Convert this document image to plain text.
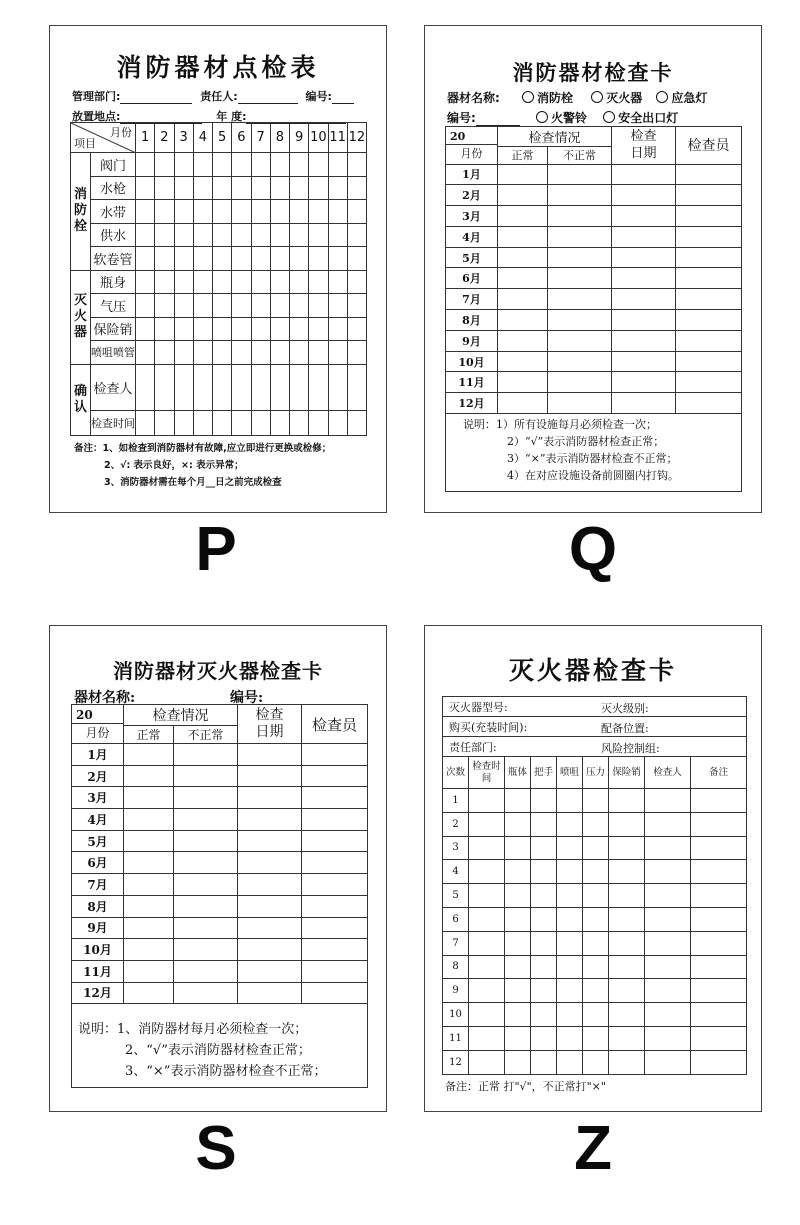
消防器材点检表
管理部门:	责任人:	编号:
放置地点:	年 度:
月份
项目		1	2	3	4	5	6	7	8	9	10	11	12
消防栓	阀门												
	水枪												
	水带												
	供水												
	软卷管												
灭火器	瓶身												
	气压												
	保险销												
	喷咀喷管												
确认	检查人												
	检查时间												
备注：1、如检查到消防器材有故障,应立即进行更换或检修；
2、√: 表示良好，×: 表示异常；
3、消防器材需在每个月__日之前完成检查
消防器材检查卡
器材名称:	消防栓	灭火器 应急灯
编号:	火警铃	安全出口灯
20
月份	检查情况		检查日期	检查员
	正常	不正常		
1月				
2月				
3月				
4月				
5月				
6月				
7月				
8月				
9月				
10月				
11月				
12月				

说明：1）所有设施每月必须检查一次；
2）“√”表示消防器材检查正常；
3）“×”表示消防器材检查不正常；
4）在对应设施设备前圆圈内打钩。
消防器材灭火器检查卡
器材名称:	编号:
20
月份	检查情况		检查日期	检查员
	正常	不正常		
1月				
2月				
3月				
4月				
5月				
6月				
7月				
8月				
9月				
10月				
11月				
12月				

说明：1、消防器材每月必须检查一次；
2、“√”表示消防器材检查正常；
3、“×”表示消防器材检查不正常；
灭火器检查卡
灭火器型号: 灭火级别:								

购买(充装时间): 配备位置:								

责任部门: 风险控制组:								

次数	检查时间	瓶体	把手	喷咀	压力	保险销	检查人	备注
1								
2								
3								
4								
5								
6								
7								
8								
9								
10								
11								
12								
备注：正常 打"√"，不正常打"×"
P	Q
S	Z
